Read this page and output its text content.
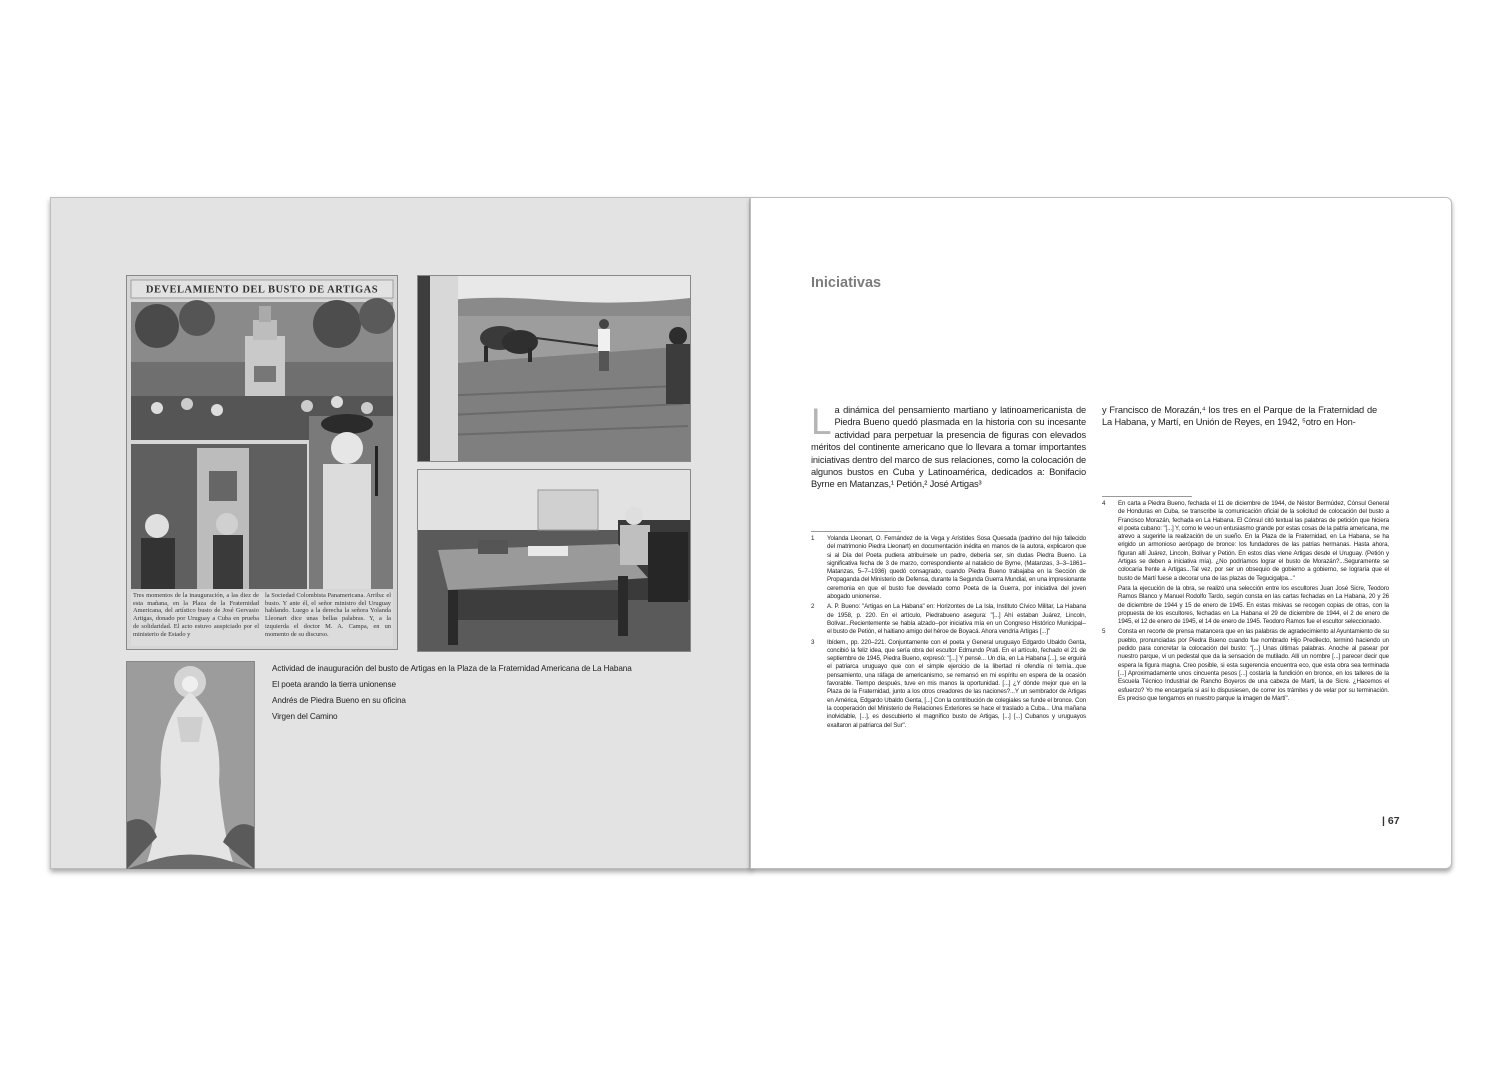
DEVELAMIENTO DEL BUSTO DE ARTIGAS
Tres momentos de la inauguración, a las diez de esta mañana, en la Plaza de la Fraternidad Americana, del artístico busto de José Gervasio Artigas, donado por Uruguay a Cuba en prueba de solidaridad. El acto estuvo auspiciado por el ministerio de Estado y
la Sociedad Colombista Panamericana. Arriba: el busto. Y ante él, el señor ministro del Uruguay hablando. Luego a la derecha la señora Yolanda Lleonart dice unas bellas palabras. Y, a la izquierda el doctor M. A. Campa, en un momento de su discurso.
Actividad de inauguración del busto de Artigas en la Plaza de la Fraternidad Americana de La Habana
El poeta arando la tierra unionense
Andrés de Piedra Bueno en su oficina
Virgen del Camino
Iniciativas
La dinámica del pensamiento martiano y latinoamericanista de Piedra Bueno quedó plasmada en la historia con su incesante actividad para perpetuar la presencia de figuras con elevados méritos del continente americano que lo llevara a tomar importantes iniciativas dentro del marco de sus relaciones, como la colocación de algunos bustos en Cuba y Latinoamérica, dedicados a: Bonifacio Byrne en Matanzas,¹ Petión,² José Artigas³
y Francisco de Morazán,⁴ los tres en el Parque de la Fraternidad de La Habana, y Martí, en Unión de Reyes, en 1942, ⁵otro en Hon-
1 Yolanda Lleonart, O. Fernández de la Vega y Arístides Sosa Quesada (padrino del hijo fallecido del matrimonio Piedra Lleonart) en documentación inédita en manos de la autora, explicaron que si al Día del Poeta pudiera atribuírsele un padre, debería ser, sin dudas Piedra Bueno. La significativa fecha de 3 de marzo, correspondiente al natalicio de Byrne, (Matanzas, 3–3–1861– Matanzas, 5–7–1936) quedó consagrado, cuando Piedra Bueno trabajaba en la Sección de Propaganda del Ministerio de Defensa, durante la Segunda Guerra Mundial, en una impresionante ceremonia en que el busto fue develado como Poeta de la Guerra, por iniciativa del joven abogado unionense.
2 A. P. Bueno: "Artigas en La Habana" en: Horizontes de La Isla, Instituto Cívico Militar, La Habana de 1958, p. 220. En el artículo, Piedrabueno asegura: "[...] Ahí estaban Juárez, Lincoln, Bolívar...Recientemente se había alzado--por iniciativa mía en un Congreso Histórico Municipal-- el busto de Petión, el haitiano amigo del héroe de Boyacá. Ahora vendría Artigas [...]"
3 Ibídem., pp. 220–221. Conjuntamente con el poeta y General uruguayo Edgardo Ubaldo Genta, concibió la feliz idea, que sería obra del escultor Edmundo Prati. En el artículo, fechado el 21 de septiembre de 1945, Piedra Bueno, expresó: "[...] Y pensé... Un día, en La Habana [...], se erguirá el patriarca uruguayo que con el simple ejercicio de la libertad ni ofendía ni temía...que pensamiento, una ráfaga de americanismo, se remansó en mi espíritu en espera de la ocasión favorable. Tiempo después, tuve en mis manos la oportunidad. [...] ¿Y dónde mejor que en la Plaza de la Fraternidad, junto a los otros creadores de las naciones?...Y un sembrador de Artigas en América, Edgardo Ubaldo Genta, [...] Con la contribución de colegiales se funde el bronce. Con la cooperación del Ministerio de Relaciones Exteriores se hace el traslado a Cuba... Una mañana inolvidable, [...], es descubierto el magnífico busto de Artigas, [...] [...] Cubanos y uruguayos exaltaron al patriarca del Sur".
4 En carta a Piedra Bueno, fechada el 11 de diciembre de 1944, de Néstor Bermúdez, Cónsul General de Honduras en Cuba, se transcribe la comunicación oficial de la solicitud de colocación del busto a Francisco Morazán, fechada en La Habana. El Cónsul citó textual las palabras de petición que hiciera el poeta cubano: "[...] Y, como le veo un entusiasmo grande por estas cosas de la patria americana, me atrevo a sugerirle la realización de un sueño. En la Plaza de la Fraternidad, en La Habana, se ha erigido un armonioso aerópago de bronce: los fundadores de las patrias hermanas. Hasta ahora, figuran allí Juárez, Lincoln, Bolívar y Petión. En estos días viene Artigas desde el Uruguay. (Petión y Artigas se deben a iniciativa mía). ¿No podríamos lograr el busto de Morazán?...Seguramente se colocaría frente a Artigas...Tal vez, por ser un obsequio de gobierno a gobierno, se lograría que el busto de Martí fuese a decorar una de las plazas de Tegucigalpa..."
Para la ejecución de la obra, se realizó una selección entre los escultores Juan José Sicre, Teodoro Ramos Blanco y Manuel Rodolfo Tardo, según consta en las cartas fechadas en La Habana, 20 y 26 de diciembre de 1944 y 15 de enero de 1945. En estas misivas se recogen copias de otras, con la propuesta de los escultores, fechadas en La Habana el 29 de diciembre de 1944, el 2 de enero de 1945, el 12 de enero de 1945, el 14 de enero de 1945. Teodoro Ramos fue el escultor seleccionado.
5 Consta en recorte de prensa matancera que en las palabras de agradecimiento al Ayuntamiento de su pueblo, pronunciadas por Piedra Bueno cuando fue nombrado Hijo Predilecto, terminó haciendo un pedido para concretar la colocación del busto: "[...] Unas últimas palabras. Anoche al pasear por nuestro parque, vi un pedestal que da la sensación de mutilado. Allí un nombre [...] parecer decir que espera la figura magna. Creo posible, si esta sugerencia encuentra eco, que esta obra sea terminada [...] Aproximadamente unos cincuenta pesos [...] costaría la fundición en bronce, en los talleres de la Escuela Técnico Industrial de Rancho Boyeros de una cabeza de Martí, la de Sicre. ¿Hacemos el esfuerzo? Yo me encargaría si así lo dispusiesen, de correr los trámites y de velar por su terminación. Es preciso que tengamos en nuestro parque la imagen de Martí".
| 67
